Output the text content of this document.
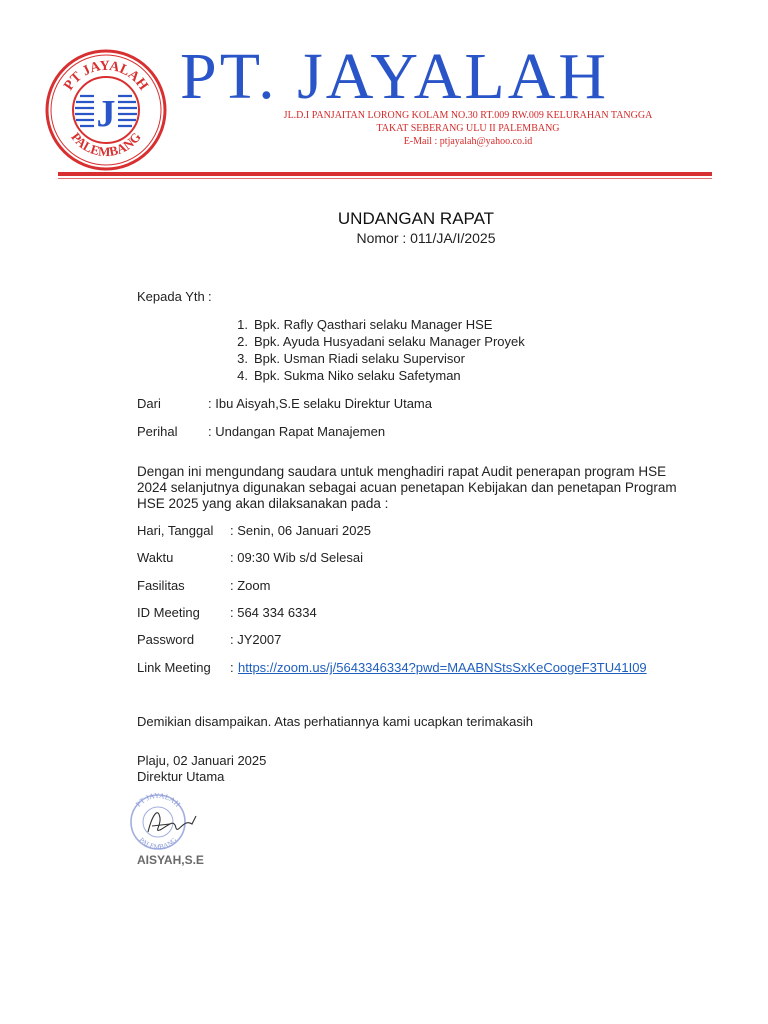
PT JAYALAH
PALEMBANG
J
PT. JAYALAH
JL.D.I PANJAITAN LORONG KOLAM NO.30 RT.009 RW.009 KELURAHAN TANGGA
TAKAT SEBERANG ULU II PALEMBANG
E-Mail : ptjayalah@yahoo.co.id
UNDANGAN RAPAT
Nomor : 011/JA/I/2025
Kepada Yth :
1. Bpk. Rafly Qasthari selaku Manager HSE
2. Bpk. Ayuda Husyadani selaku Manager Proyek
3. Bpk. Usman Riadi selaku Supervisor
4. Bpk. Sukma Niko selaku Safetyman
Dari	: Ibu Aisyah,S.E selaku Direktur Utama
Perihal : Undangan Rapat Manajemen
Dengan ini mengundang saudara untuk menghadiri rapat Audit penerapan program HSE 2024 selanjutnya digunakan sebagai acuan penetapan Kebijakan dan penetapan Program HSE 2025 yang akan dilaksanakan pada :
Hari, Tanggal : Senin, 06 Januari 2025
Waktu	: 09:30 Wib s/d Selesai
Fasilitas	: Zoom
ID Meeting : 564 334 6334
Password	: JY2007
Link Meeting : https://zoom.us/j/5643346334?pwd=MAABNStsSxKeCoogeF3TU41I09
Demikian disampaikan. Atas perhatiannya kami ucapkan terimakasih
Plaju, 02 Januari 2025
Direktur Utama
PT JAYALAH
PALEMBANG
AISYAH,S.E
